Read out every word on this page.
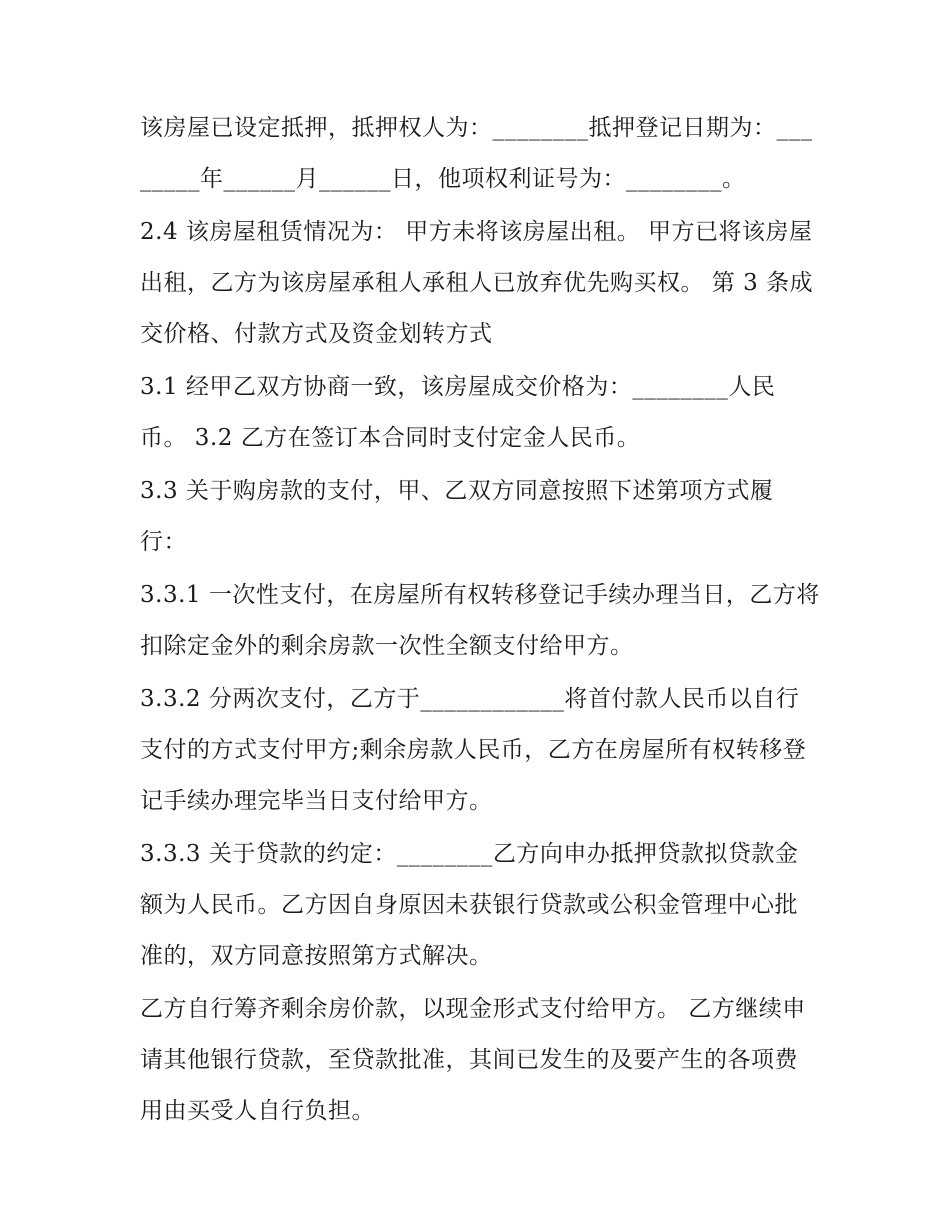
该房屋已设定抵押，抵押权人为：________抵押登记日期为：________年______月______日，他项权利证号为：________。

2.4 该房屋租赁情况为： 甲方未将该房屋出租。 甲方已将该房屋出租，乙方为该房屋承租人承租人已放弃优先购买权。 第 3 条成交价格、付款方式及资金划转方式

3.1 经甲乙双方协商一致，该房屋成交价格为：________人民币。 3.2 乙方在签订本合同时支付定金人民币。

3.3 关于购房款的支付，甲、乙双方同意按照下述第项方式履行：

3.3.1 一次性支付，在房屋所有权转移登记手续办理当日，乙方将扣除定金外的剩余房款一次性全额支付给甲方。

3.3.2 分两次支付，乙方于____________将首付款人民币以自行支付的方式支付甲方;剩余房款人民币，乙方在房屋所有权转移登记手续办理完毕当日支付给甲方。

3.3.3 关于贷款的约定：________乙方向申办抵押贷款拟贷款金额为人民币。乙方因自身原因未获银行贷款或公积金管理中心批准的，双方同意按照第方式解决。

乙方自行筹齐剩余房价款，以现金形式支付给甲方。 乙方继续申请其他银行贷款，至贷款批准，其间已发生的及要产生的各项费用由买受人自行负担。
